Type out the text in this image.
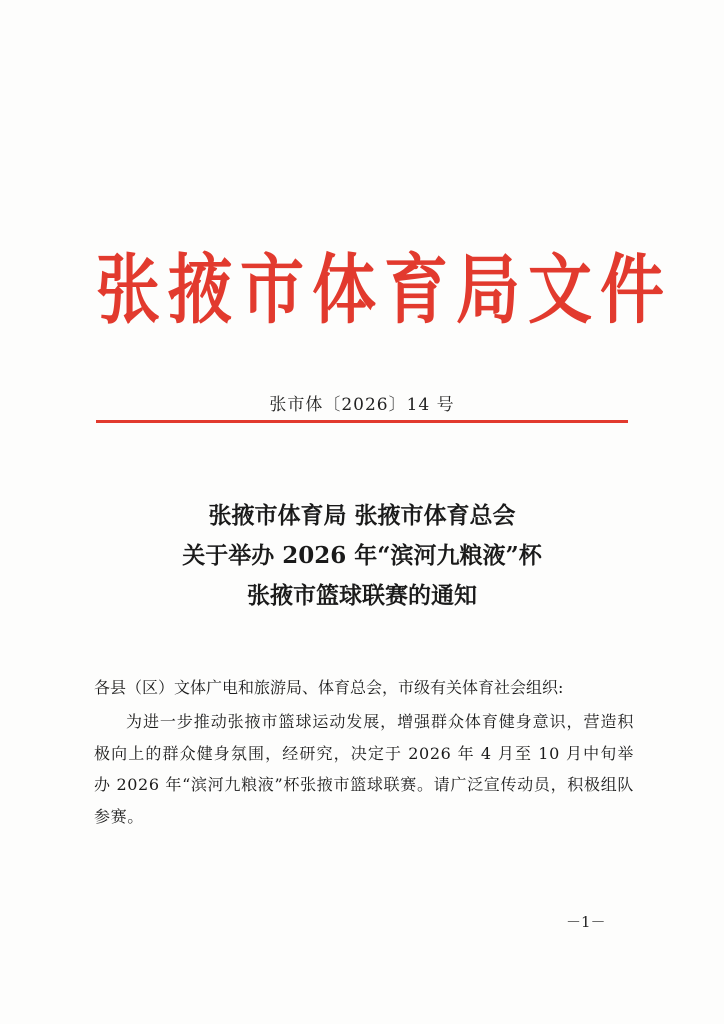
张掖市体育局文件
张市体〔2026〕14 号
张掖市体育局 张掖市体育总会
关于举办 2026 年“滨河九粮液”杯
张掖市篮球联赛的通知
各县（区）文体广电和旅游局、体育总会，市级有关体育社会组织:
为进一步推动张掖市篮球运动发展，增强群众体育健身意识，营造积极向上的群众健身氛围，经研究，决定于 2026 年 4 月至 10 月中旬举办 2026 年“滨河九粮液”杯张掖市篮球联赛。请广泛宣传动员，积极组队参赛。
－1－
